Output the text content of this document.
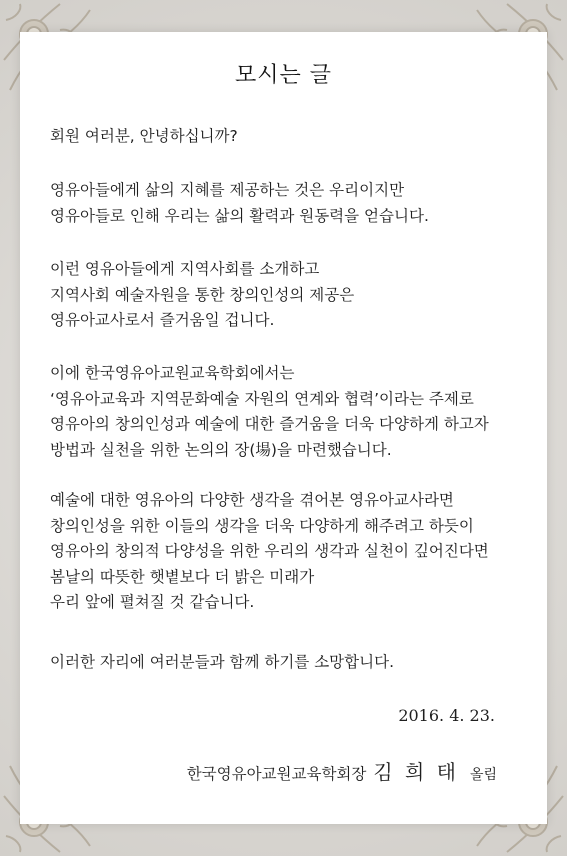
모시는 글
회원 여러분, 안녕하십니까?
영유아들에게 삶의 지혜를 제공하는 것은 우리이지만
영유아들로 인해 우리는 삶의 활력과 원동력을 얻습니다.
이런 영유아들에게 지역사회를 소개하고
지역사회 예술자원을 통한 창의인성의 제공은
영유아교사로서 즐거움일 겁니다.
이에 한국영유아교원교육학회에서는
‘영유아교육과 지역문화예술 자원의 연계와 협력’이라는 주제로
영유아의 창의인성과 예술에 대한 즐거움을 더욱 다양하게 하고자
방법과 실천을 위한 논의의 장(場)을 마련했습니다.
예술에 대한 영유아의 다양한 생각을 겪어본 영유아교사라면
창의인성을 위한 이들의 생각을 더욱 다양하게 해주려고 하듯이
영유아의 창의적 다양성을 위한 우리의 생각과 실천이 깊어진다면
봄날의 따뜻한 햇볕보다 더 밝은 미래가
우리 앞에 펼쳐질 것 같습니다.
이러한 자리에 여러분들과 함께 하기를 소망합니다.
2016. 4. 23.
한국영유아교원교육학회장 김 희 태 올림
